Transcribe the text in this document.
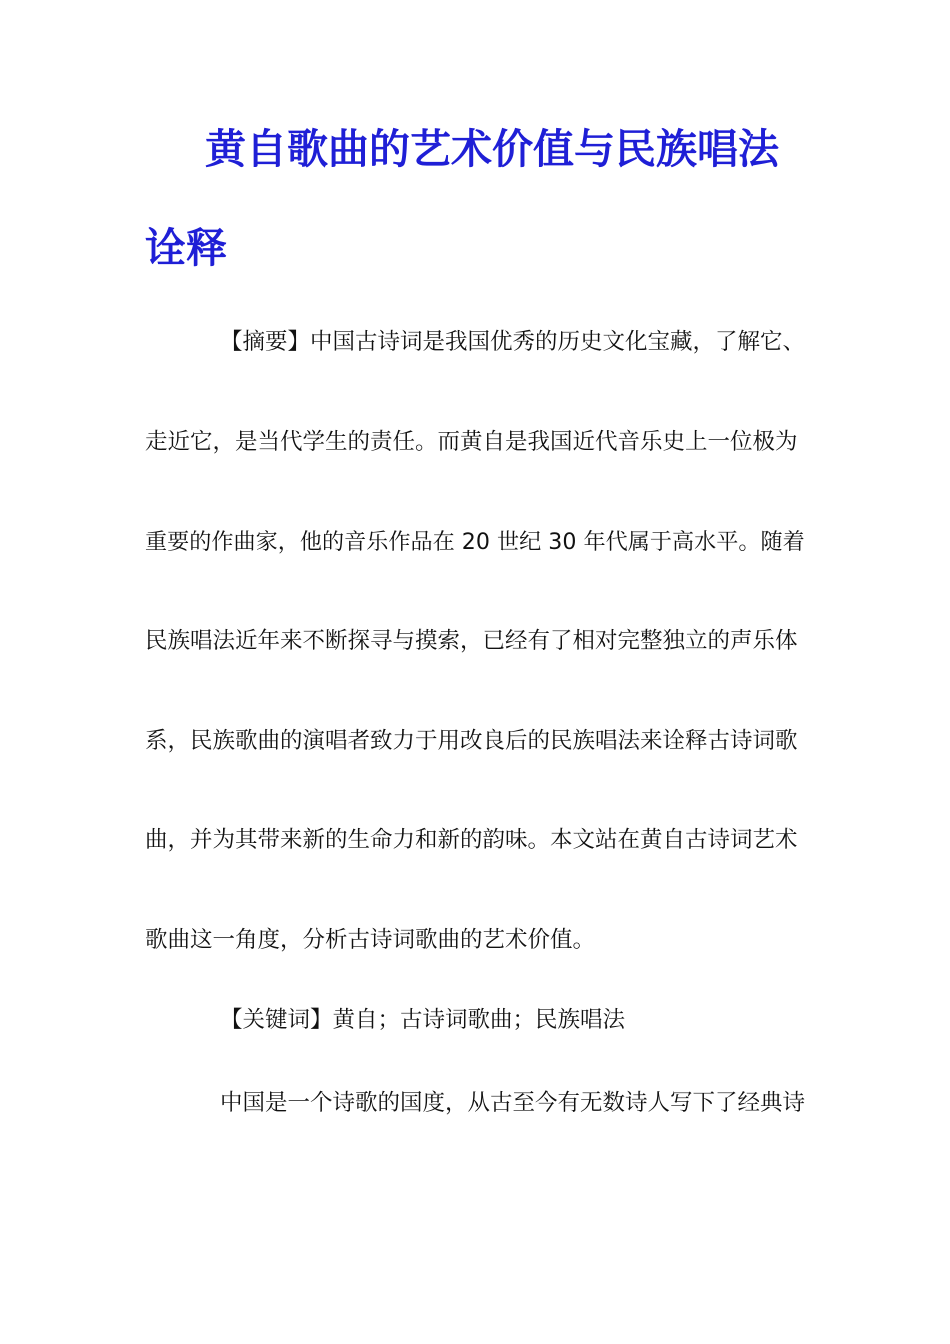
黄自歌曲的艺术价值与民族唱法
诠释
【摘要】中国古诗词是我国优秀的历史文化宝藏，了解它、
走近它，是当代学生的责任。而黄自是我国近代音乐史上一位极为
重要的作曲家，他的音乐作品在 20 世纪 30 年代属于高水平。随着
民族唱法近年来不断探寻与摸索，已经有了相对完整独立的声乐体
系，民族歌曲的演唱者致力于用改良后的民族唱法来诠释古诗词歌
曲，并为其带来新的生命力和新的韵味。本文站在黄自古诗词艺术
歌曲这一角度，分析古诗词歌曲的艺术价值。
【关键词】黄自；古诗词歌曲；民族唱法
中国是一个诗歌的国度，从古至今有无数诗人写下了经典诗
